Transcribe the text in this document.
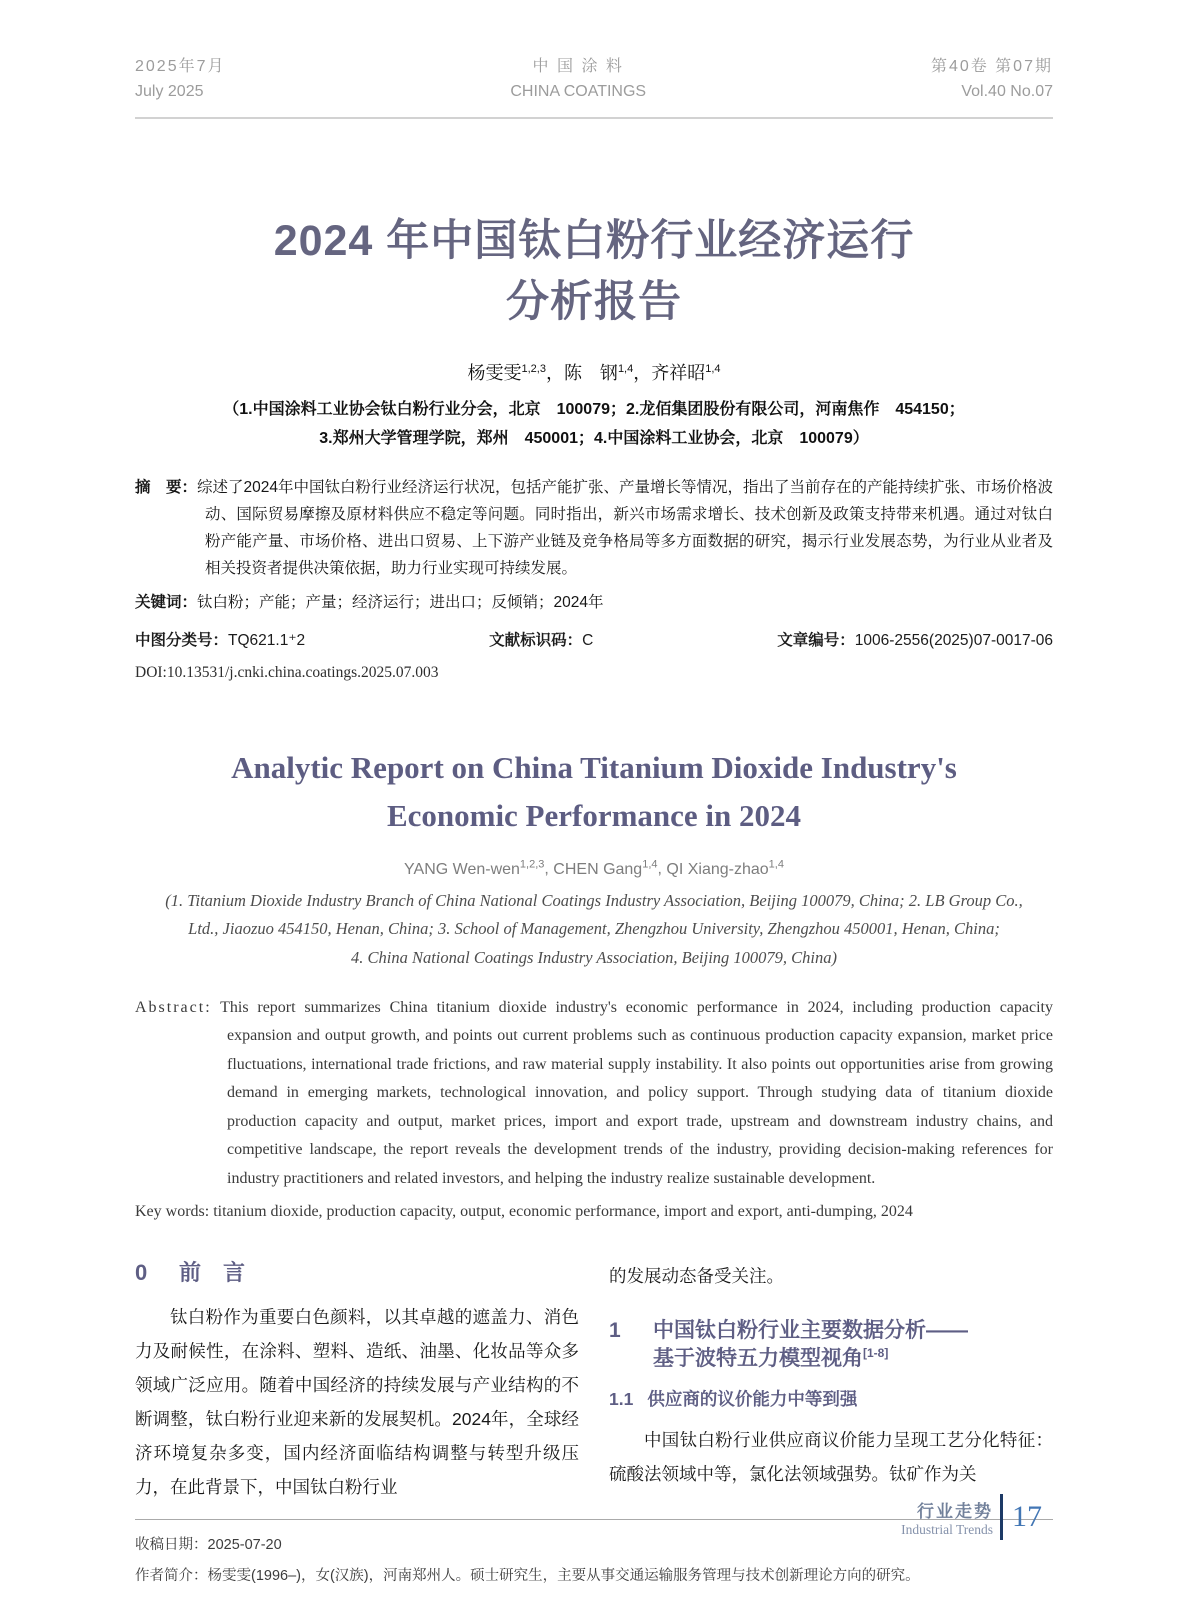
2025年7月
July 2025
中 国 涂 料
CHINA COATINGS
第40卷 第07期
Vol.40 No.07
2024 年中国钛白粉行业经济运行
分析报告
杨雯雯$^{1,2,3}$，陈　钢$^{1,4}$，齐祥昭$^{1,4}$
（1.中国涂料工业协会钛白粉行业分会，北京　100079；2.龙佰集团股份有限公司，河南焦作　454150；
3.郑州大学管理学院，郑州　450001；4.中国涂料工业协会，北京　100079）
摘　要：综述了2024年中国钛白粉行业经济运行状况，包括产能扩张、产量增长等情况，指出了当前存在的产能持续扩张、市场价格波动、国际贸易摩擦及原材料供应不稳定等问题。同时指出，新兴市场需求增长、技术创新及政策支持带来机遇。通过对钛白粉产能产量、市场价格、进出口贸易、上下游产业链及竞争格局等多方面数据的研究，揭示行业发展态势，为行业从业者及相关投资者提供决策依据，助力行业实现可持续发展。
关键词：钛白粉；产能；产量；经济运行；进出口；反倾销；2024年
中图分类号：TQ621.1⁺2	文献标识码：C	文章编号：1006-2556(2025)07-0017-06
DOI:10.13531/j.cnki.china.coatings.2025.07.003
Analytic Report on China Titanium Dioxide Industry's
Economic Performance in 2024
YANG Wen-wen$^{1,2,3}$, CHEN Gang$^{1,4}$, QI Xiang-zhao$^{1,4}$
(1. Titanium Dioxide Industry Branch of China National Coatings Industry Association, Beijing 100079, China; 2. LB Group Co.,
Ltd., Jiaozuo 454150, Henan, China; 3. School of Management, Zhengzhou University, Zhengzhou 450001, Henan, China;
4. China National Coatings Industry Association, Beijing 100079, China)
Abstract: This report summarizes China titanium dioxide industry's economic performance in 2024, including production capacity expansion and output growth, and points out current problems such as continuous production capacity expansion, market price fluctuations, international trade frictions, and raw material supply instability. It also points out opportunities arise from growing demand in emerging markets, technological innovation, and policy support. Through studying data of titanium dioxide production capacity and output, market prices, import and export trade, upstream and downstream industry chains, and competitive landscape, the report reveals the development trends of the industry, providing decision-making references for industry practitioners and related investors, and helping the industry realize sustainable development.
Key words: titanium dioxide, production capacity, output, economic performance, import and export, anti-dumping, 2024
0	前　言
钛白粉作为重要白色颜料，以其卓越的遮盖力、消色力及耐候性，在涂料、塑料、造纸、油墨、化妆品等众多领域广泛应用。随着中国经济的持续发展与产业结构的不断调整，钛白粉行业迎来新的发展契机。2024年，全球经济环境复杂多变，国内经济面临结构调整与转型升级压力，在此背景下，中国钛白粉行业
的发展动态备受关注。
1	中国钛白粉行业主要数据分析——
基于波特五力模型视角[1-8]
1.1 供应商的议价能力中等到强
中国钛白粉行业供应商议价能力呈现工艺分化特征：硫酸法领域中等，氯化法领域强势。钛矿作为关
收稿日期：2025-07-20
作者简介：杨雯雯(1996–)，女(汉族)，河南郑州人。硕士研究生，主要从事交通运输服务管理与技术创新理论方向的研究。
行业走势
Industrial Trends 17
